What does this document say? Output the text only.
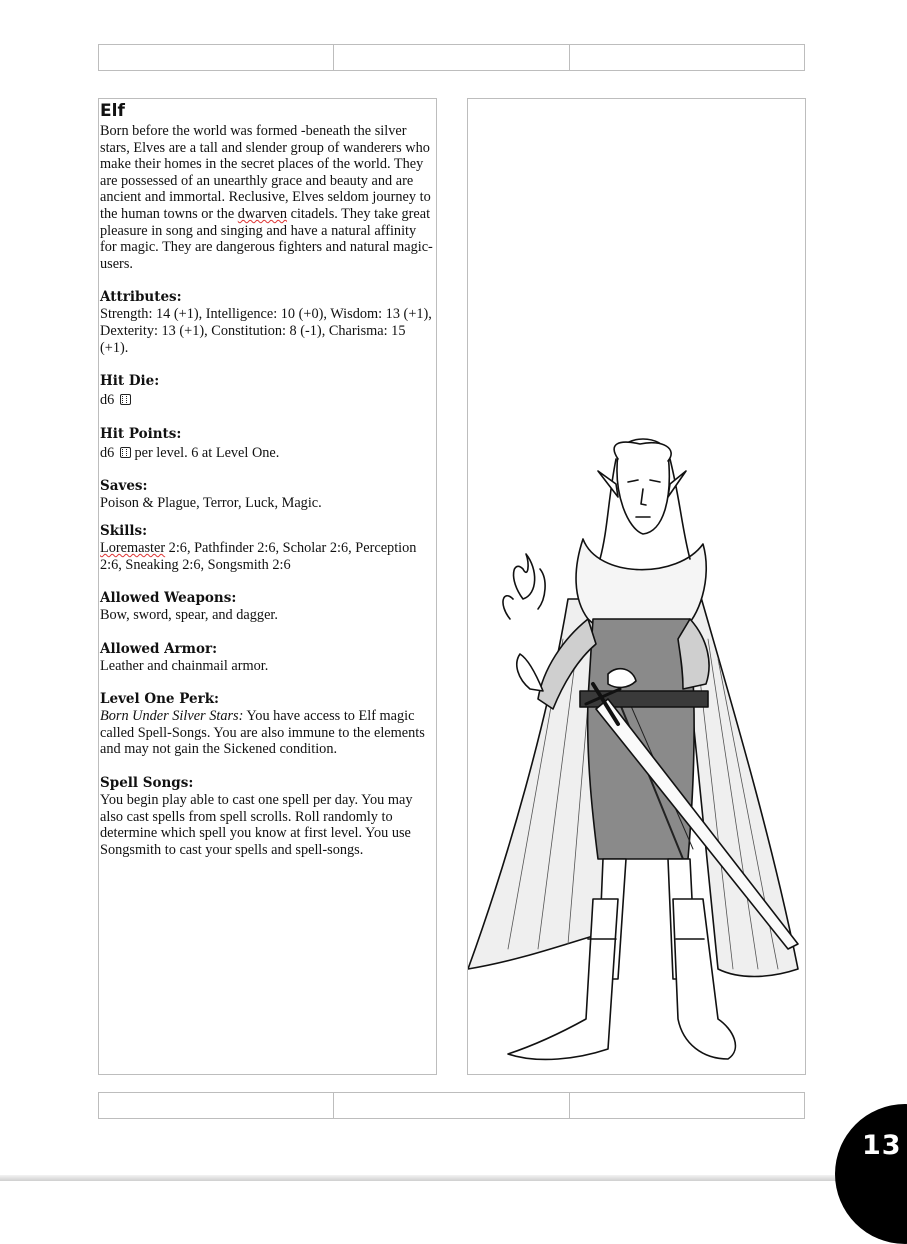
Elf

Born before the world was formed -beneath the silver stars, Elves are a tall and slender group of wanderers who make their homes in the secret places of the world. They are possessed of an unearthly grace and beauty and are ancient and immortal. Reclusive, Elves seldom journey to the human towns or the dwarven citadels. They take great pleasure in song and singing and have a natural affinity for magic. They are dangerous fighters and natural magic-users.

Attributes:

Strength: 14 (+1), Intelligence: 10 (+0), Wisdom: 13 (+1), Dexterity: 13 (+1), Constitution: 8 (-1), Charisma: 15 (+1).

Hit Die:

d6

Hit Points:

d6 per level. 6 at Level One.

Saves:

Poison & Plague, Terror, Luck, Magic.

Skills:

Loremaster 2:6, Pathfinder 2:6, Scholar 2:6, Perception 2:6, Sneaking 2:6, Songsmith 2:6

Allowed Weapons:

Bow, sword, spear, and dagger.

Allowed Armor:

Leather and chainmail armor.

Level One Perk:

Born Under Silver Stars: You have access to Elf magic called Spell-Songs. You are also immune to the elements and may not gain the Sickened condition.

Spell Songs:

You begin play able to cast one spell per day. You may also cast spells from spell scrolls. Roll randomly to determine which spell you know at first level. You use Songsmith to cast your spells and spell-songs.

13
